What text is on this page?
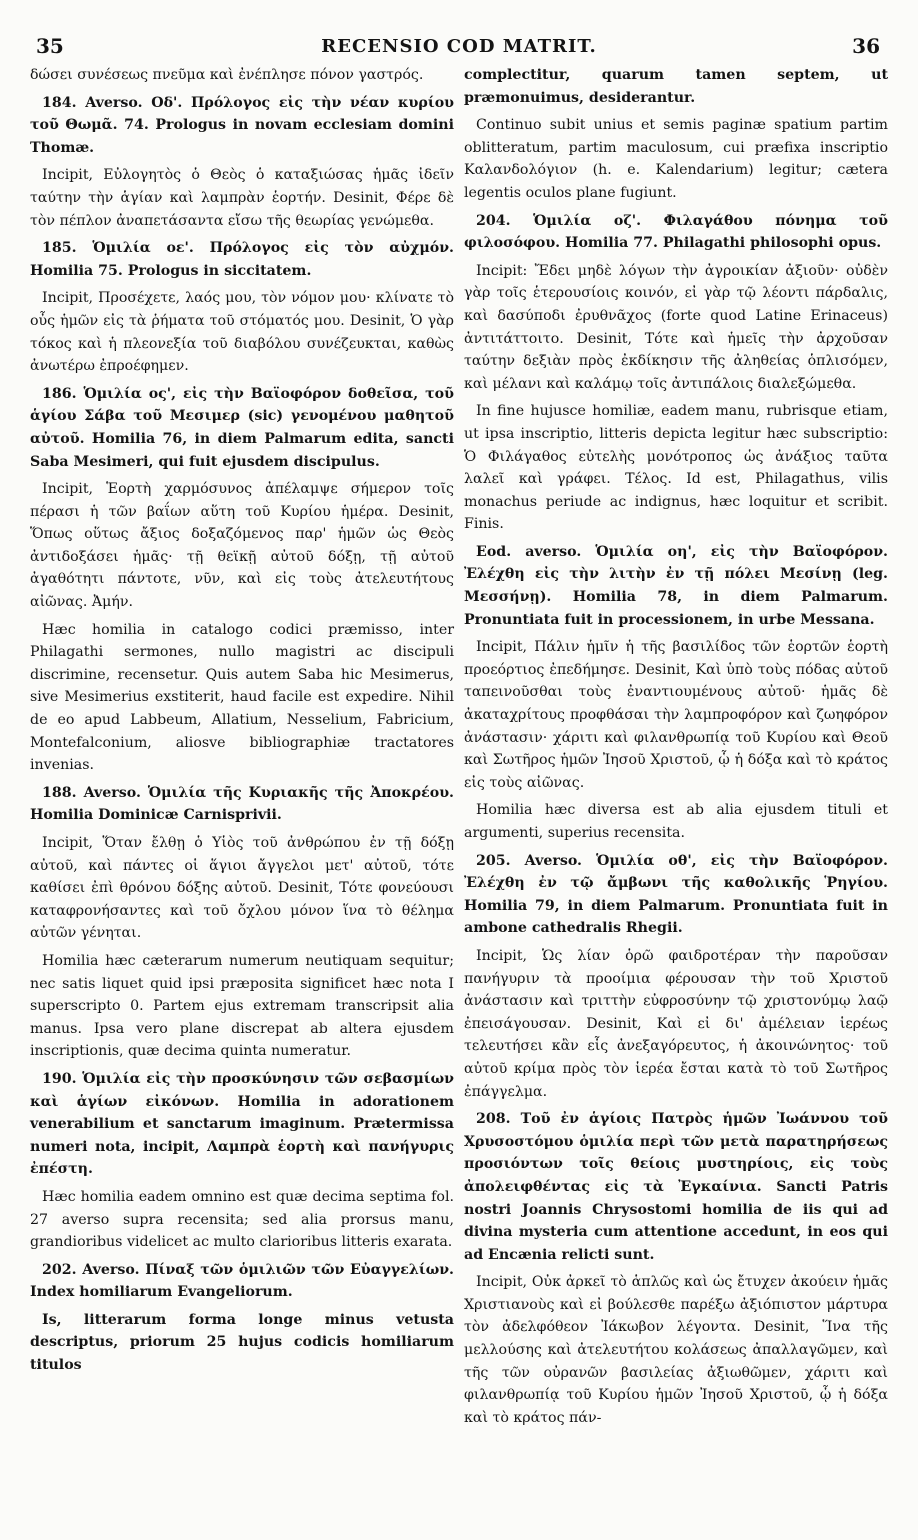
35	RECENSIO COD MATRIT.	36

δώσει συνέσεως πνεῦμα καὶ ἐνέπλησε πόνον γαστρός.

184. Averso. Οδ'. Πρόλογος εἰς τὴν νέαν κυρίου τοῦ Θωμᾶ. 74. Prologus in novam ecclesiam domini Thomæ.

Incipit, Εὐλογητὸς ὁ Θεὸς ὁ καταξιώσας ἡμᾶς ἰδεῖν ταύτην τὴν ἁγίαν καὶ λαμπρὰν ἑορτήν. Desinit, Φέρε δὲ τὸν πέπλον ἀναπετάσαντα εἴσω τῆς θεωρίας γενώμεθα.

185. Ὁμιλία οε'. Πρόλογος εἰς τὸν αὐχμόν. Homilia 75. Prologus in siccitatem.

Incipit, Προσέχετε, λαός μου, τὸν νόμον μου· κλίνατε τὸ οὖς ἡμῶν εἰς τὰ ῥήματα τοῦ στόματός μου. Desinit, Ὁ γὰρ τόκος καὶ ἡ πλεονεξία τοῦ διαβόλου συνέζευκται, καθὼς ἀνωτέρω ἐπροέφημεν.

186. Ὁμιλία ος', εἰς τὴν Βαϊοφόρον δοθεῖσα, τοῦ ἁγίου Σάβα τοῦ Μεσιμερ (sic) γενομένου μαθητοῦ αὐτοῦ. Homilia 76, in diem Palmarum edita, sancti Saba Mesimeri, qui fuit ejusdem discipulus.

Incipit, Ἑορτὴ χαρμόσυνος ἀπέλαμψε σήμερον τοῖς πέρασι ἡ τῶν βαΐων αὕτη τοῦ Κυρίου ἡμέρα. Desinit, Ὅπως οὕτως ἄξιος δοξαζόμενος παρ' ἡμῶν ὡς Θεὸς ἀντιδοξάσει ἡμᾶς· τῇ θεϊκῇ αὐτοῦ δόξῃ, τῇ αὐτοῦ ἀγαθότητι πάντοτε, νῦν, καὶ εἰς τοὺς ἀτελευτήτους αἰῶνας. Ἀμήν.

Hæc homilia in catalogo codici præmisso, inter Philagathi sermones, nullo magistri ac discipuli discrimine, recensetur. Quis autem Saba hic Mesimerus, sive Mesimerius exstiterit, haud facile est expedire. Nihil de eo apud Labbeum, Allatium, Nesselium, Fabricium, Montefalconium, aliosve bibliographiæ tractatores invenias.

188. Averso. Ὁμιλία τῆς Κυριακῆς τῆς Ἀποκρέου. Homilia Dominicæ Carnisprivii.

Incipit, Ὅταν ἔλθῃ ὁ Υἱὸς τοῦ ἀνθρώπου ἐν τῇ δόξῃ αὐτοῦ, καὶ πάντες οἱ ἅγιοι ἄγγελοι μετ' αὐτοῦ, τότε καθίσει ἐπὶ θρόνου δόξης αὐτοῦ. Desinit, Τότε φονεύουσι καταφρονήσαντες καὶ τοῦ ὄχλου μόνον ἵνα τὸ θέλημα αὐτῶν γένηται.

Homilia hæc cæterarum numerum neutiquam sequitur; nec satis liquet quid ipsi præposita significet hæc nota I superscripto 0. Partem ejus extremam transcripsit alia manus. Ipsa vero plane discrepat ab altera ejusdem inscriptionis, quæ decima quinta numeratur.

190. Ὁμιλία εἰς τὴν προσκύνησιν τῶν σεβασμίων καὶ ἁγίων εἰκόνων. Homilia in adorationem venerabilium et sanctarum imaginum. Prætermissa numeri nota, incipit, Λαμπρὰ ἑορτὴ καὶ πανήγυρις ἐπέστη.

Hæc homilia eadem omnino est quæ decima septima fol. 27 averso supra recensita; sed alia prorsus manu, grandioribus videlicet ac multo clarioribus litteris exarata.

202. Averso. Πίναξ τῶν ὁμιλιῶν τῶν Εὐαγγελίων. Index homiliarum Evangeliorum.

Is, litterarum forma longe minus vetusta descriptus, priorum 25 hujus codicis homiliarum titulos

complectitur, quarum tamen septem, ut præmonuimus, desiderantur.

Continuo subit unius et semis paginæ spatium partim oblitteratum, partim maculosum, cui præfixa inscriptio Καλανδολόγιον (h. e. Kalendarium) legitur; cætera legentis oculos plane fugiunt.

204. Ὁμιλία οζ'. Φιλαγάθου πόνημα τοῦ φιλοσόφου. Homilia 77. Philagathi philosophi opus.

Incipit: Ἔδει μηδὲ λόγων τὴν ἀγροικίαν ἀξιοῦν· οὐδὲν γὰρ τοῖς ἑτερουσίοις κοινόν, εἰ γὰρ τῷ λέοντι πάρδαλις, καὶ δασύποδι ἐρυθνᾶχος (forte quod Latine Erinaceus) ἀντιτάττοιτο. Desinit, Τότε καὶ ἡμεῖς τὴν ἀρχοῦσαν ταύτην δεξιὰν πρὸς ἐκδίκησιν τῆς ἀληθείας ὁπλισόμεν, καὶ μέλανι καὶ καλάμῳ τοῖς ἀντιπάλοις διαλεξώμεθα.

In fine hujusce homiliæ, eadem manu, rubrisque etiam, ut ipsa inscriptio, litteris depicta legitur hæc subscriptio: Ὁ Φιλάγαθος εὐτελὴς μονότροπος ὡς ἀνάξιος ταῦτα λαλεῖ καὶ γράφει. Τέλος. Id est, Philagathus, vilis monachus periude ac indignus, hæc loquitur et scribit. Finis.

Eod. averso. Ὁμιλία οη', εἰς τὴν Βαϊοφόρον. Ἐλέχθη εἰς τὴν λιτὴν ἐν τῇ πόλει Μεσίνῃ (leg. Μεσσήνῃ). Homilia 78, in diem Palmarum. Pronuntiata fuit in processionem, in urbe Messana.

Incipit, Πάλιν ἡμῖν ἡ τῆς βασιλίδος τῶν ἑορτῶν ἑορτὴ προεόρτιος ἐπεδήμησε. Desinit, Καὶ ὑπὸ τοὺς πόδας αὐτοῦ ταπεινοῦσθαι τοὺς ἐναντιουμένους αὐτοῦ· ἡμᾶς δὲ ἀκαταχρίτους προφθάσαι τὴν λαμπροφόρον καὶ ζωηφόρον ἀνάστασιν· χάριτι καὶ φιλανθρωπίᾳ τοῦ Κυρίου καὶ Θεοῦ καὶ Σωτῆρος ἡμῶν Ἰησοῦ Χριστοῦ, ᾧ ἡ δόξα καὶ τὸ κράτος εἰς τοὺς αἰῶνας.

Homilia hæc diversa est ab alia ejusdem tituli et argumenti, superius recensita.

205. Averso. Ὁμιλία οθ', εἰς τὴν Βαϊοφόρον. Ἐλέχθη ἐν τῷ ἄμβωνι τῆς καθολικῆς Ῥηγίου. Homilia 79, in diem Palmarum. Pronuntiata fuit in ambone cathedralis Rhegii.

Incipit, Ὡς λίαν ὁρῶ φαιδροτέραν τὴν παροῦσαν πανήγυριν τὰ προοίμια φέρουσαν τὴν τοῦ Χριστοῦ ἀνάστασιν καὶ τριττὴν εὐφροσύνην τῷ χριστονύμῳ λαῷ ἐπεισάγουσαν. Desinit, Καὶ εἰ δι' ἀμέλειαν ἱερέως τελευτήσει κἂν εἷς ἀνεξαγόρευτος, ἡ ἀκοινώνητος· τοῦ αὐτοῦ κρίμα πρὸς τὸν ἱερέα ἔσται κατὰ τὸ τοῦ Σωτῆρος ἐπάγγελμα.

208. Τοῦ ἐν ἁγίοις Πατρὸς ἡμῶν Ἰωάννου τοῦ Χρυσοστόμου ὁμιλία περὶ τῶν μετὰ παρατηρήσεως προσιόντων τοῖς θείοις μυστηρίοις, εἰς τοὺς ἀπολειφθέντας εἰς τὰ Ἐγκαίνια. Sancti Patris nostri Joannis Chrysostomi homilia de iis qui ad divina mysteria cum attentione accedunt, in eos qui ad Encænia relicti sunt.

Incipit, Οὐκ ἀρκεῖ τὸ ἁπλῶς καὶ ὡς ἔτυχεν ἀκούειν ἡμᾶς Χριστιανοὺς καὶ εἰ βούλεσθε παρέξω ἀξιόπιστον μάρτυρα τὸν ἀδελφόθεον Ἰάκωβον λέγοντα. Desinit, Ἵνα τῆς μελλούσης καὶ ἀτελευτήτου κολάσεως ἀπαλλαγῶμεν, καὶ τῆς τῶν οὐρανῶν βασιλείας ἀξιωθῶμεν, χάριτι καὶ φιλανθρωπίᾳ τοῦ Κυρίου ἡμῶν Ἰησοῦ Χριστοῦ, ᾧ ἡ δόξα καὶ τὸ κράτος πάν-
